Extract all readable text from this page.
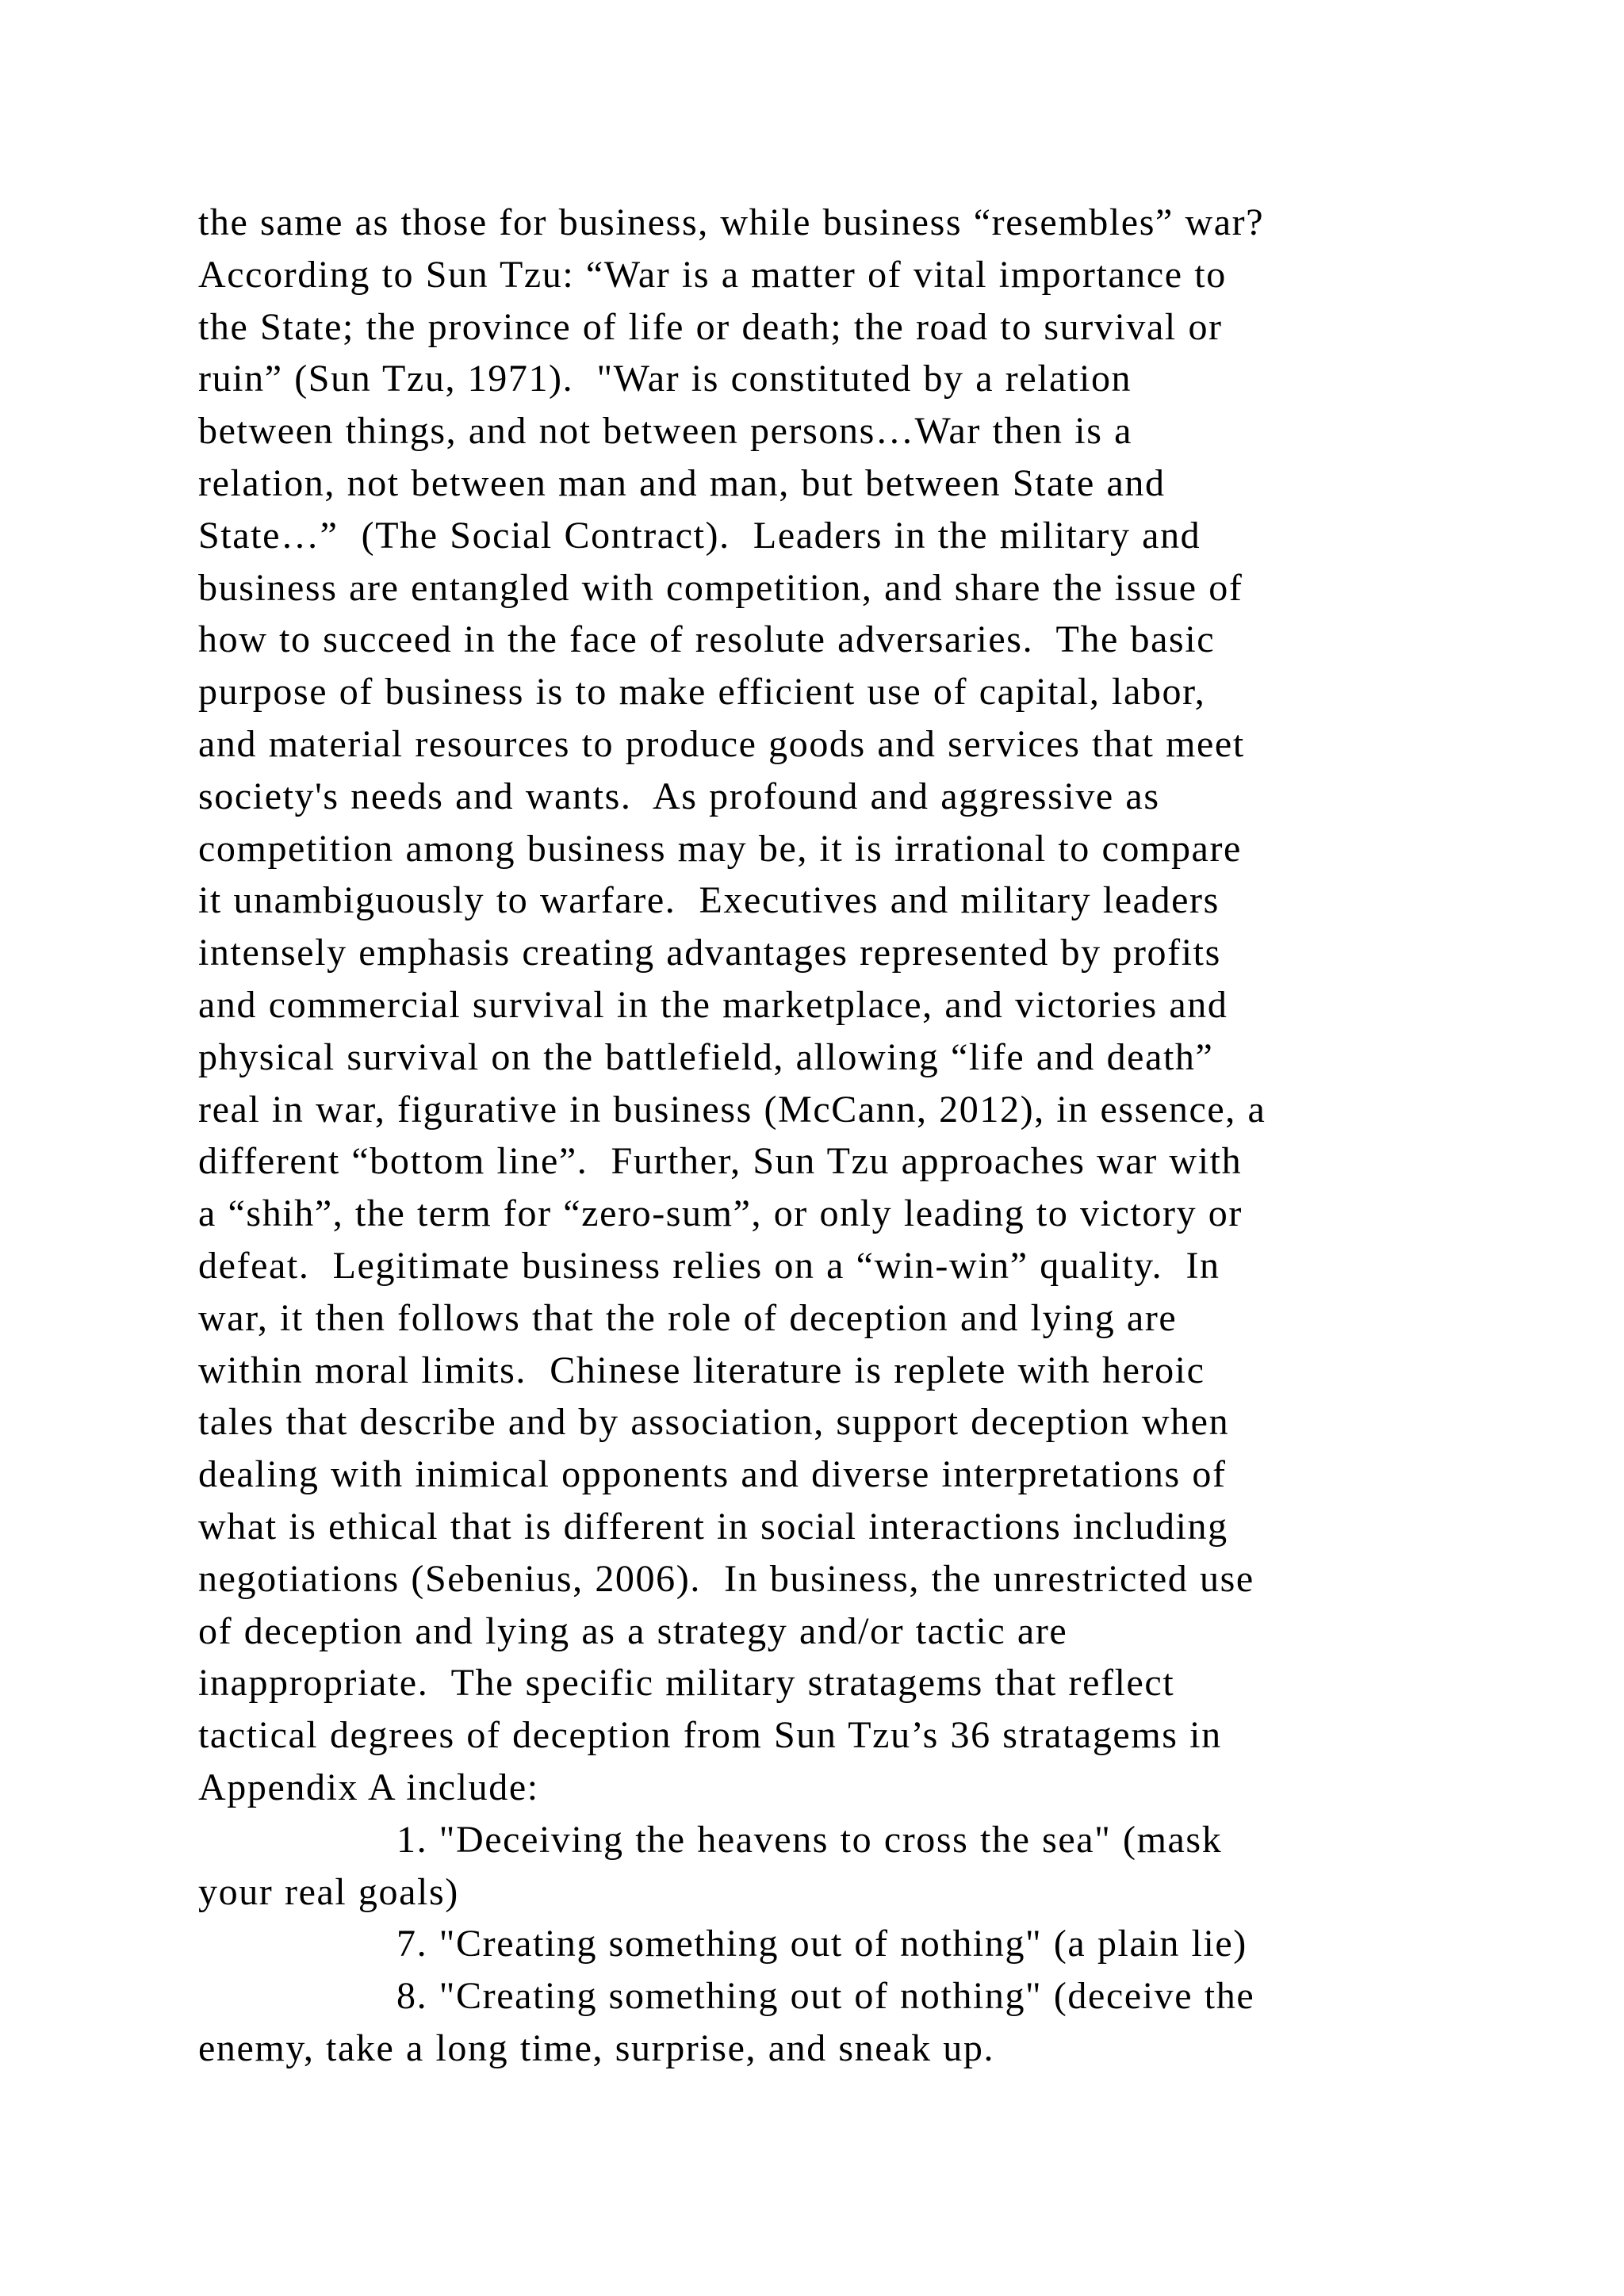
the same as those for business, while business “resembles” war?
According to Sun Tzu: “War is a matter of vital importance to
the State; the province of life or death; the road to survival or
ruin” (Sun Tzu, 1971).  "War is constituted by a relation
between things, and not between persons…War then is a
relation, not between man and man, but between State and
State…”  (The Social Contract).  Leaders in the military and
business are entangled with competition, and share the issue of
how to succeed in the face of resolute adversaries.  The basic
purpose of business is to make efficient use of capital, labor,
and material resources to produce goods and services that meet
society's needs and wants.  As profound and aggressive as
competition among business may be, it is irrational to compare
it unambiguously to warfare.  Executives and military leaders
intensely emphasis creating advantages represented by profits
and commercial survival in the marketplace, and victories and
physical survival on the battlefield, allowing “life and death”
real in war, figurative in business (McCann, 2012), in essence, a
different “bottom line”.  Further, Sun Tzu approaches war with
a “shih”, the term for “zero-sum”, or only leading to victory or
defeat.  Legitimate business relies on a “win-win” quality.  In
war, it then follows that the role of deception and lying are
within moral limits.  Chinese literature is replete with heroic
tales that describe and by association, support deception when
dealing with inimical opponents and diverse interpretations of
what is ethical that is different in social interactions including
negotiations (Sebenius, 2006).  In business, the unrestricted use
of deception and lying as a strategy and/or tactic are
inappropriate.  The specific military stratagems that reflect
tactical degrees of deception from Sun Tzu’s 36 stratagems in
Appendix A include:
1. "Deceiving the heavens to cross the sea" (mask
your real goals)
7. "Creating something out of nothing" (a plain lie)
8. "Creating something out of nothing" (deceive the
enemy, take a long time, surprise, and sneak up.
